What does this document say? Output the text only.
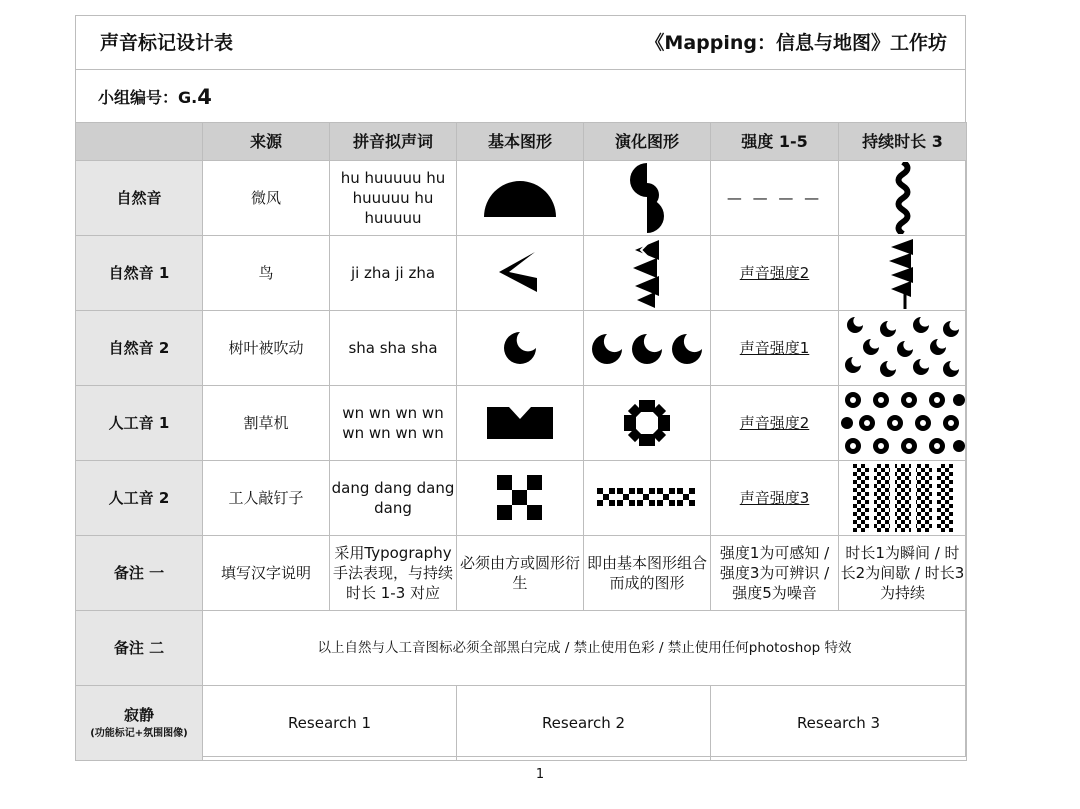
声音标记设计表	《Mapping：信息与地图》工作坊
小组编号：G.4
	来源	拼音拟声词	基本图形	演化图形	强度 1-5	持续时长 3
自然音	微风	hu huuuuu hu huuuuu hu huuuuu			— — — —	

自然音 1	鸟	ji zha ji zha			声音强度2	

自然音 2	树叶被吹动	sha sha sha			声音强度1	

人工音 1	割草机	wn wn wn wn wn wn wn wn			声音强度2	

人工音 2	工人敲钉子	dang dang dang dang			声音强度3	

备注 一	填写汉字说明	采用Typography 手法表现，与持续时长 1-3 对应	必须由方或圆形衍生	即由基本图形组合而成的图形	强度1为可感知 / 强度3为可辨识 / 强度5为噪音	时长1为瞬间 / 时长2为间歇 / 时长3为持续
备注 二	以上自然与人工音图标必须全部黑白完成 / 禁止使用色彩 / 禁止使用任何photoshop 特效					
寂静
(功能标记+氛围图像)	Research 1		Research 2		Research 3	
1
